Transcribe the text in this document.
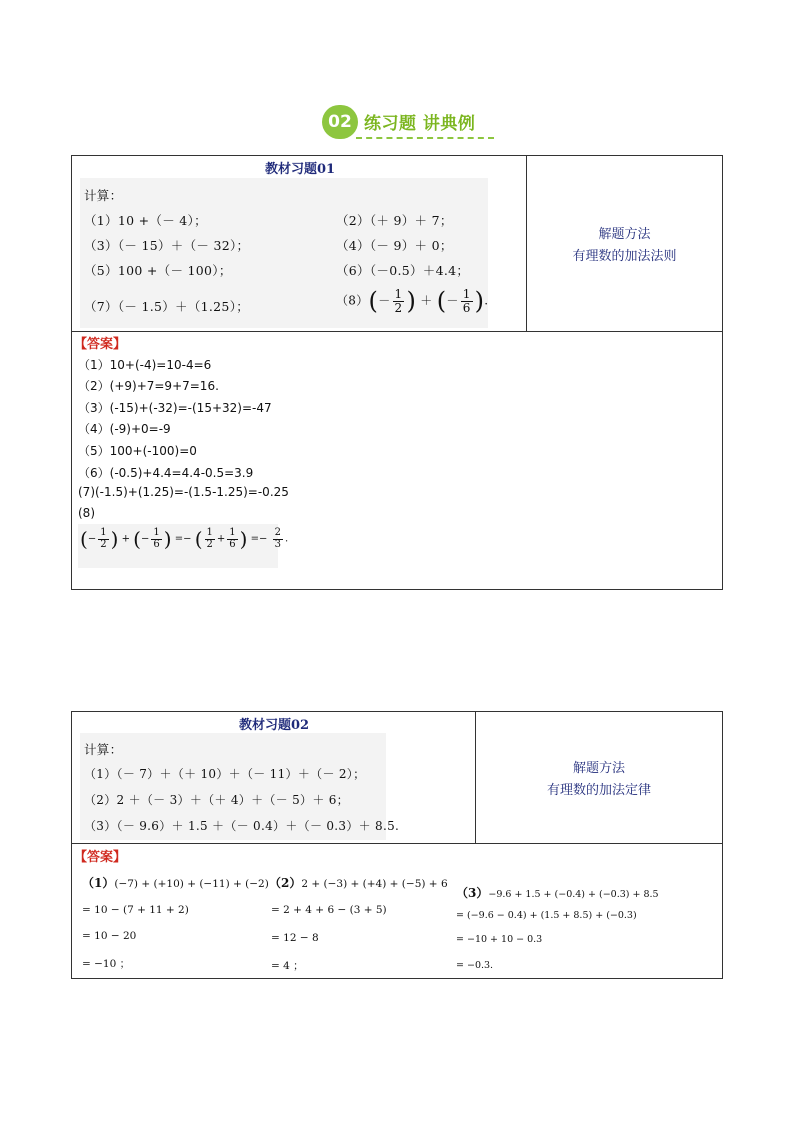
02 练习题 讲典例
教材习题01
计算：
（1）10 +（－ 4）；	（2）（＋ 9）＋ 7；
（3）（－ 15）＋（－ 32）；	（4）（－ 9）＋ 0；
（5）100 +（－ 100）；	（6）（－0.5）＋4.4；
（7）（－ 1.5）＋（1.25）；	$(8)(- \frac{1}{2}$ ) ＋ (－ $\frac{1}{6}$ ).
解题方法
有理数的加法法则
【答案】
（1）10+(-4)=10-4=6
（2）(+9)+7=9+7=16.
（3）(-15)+(-32)=-(15+32)=-47
（4）(-9)+0=-9
（5）100+(-100)=0
（6）(-0.5)+4.4=4.4-0.5=3.9
(7)(-1.5)+(1.25)=-(1.5-1.25)=-0.25
(8)
(− $\frac{1}{2}$ ) + (− $\frac{1}{6}$ ) =− ( $\frac{1}{2} + \frac{1}{6}$ ) =− $\frac{2}{3}$ .
教材习题02
计算：
（1）（－ 7）＋（＋ 10）＋（－ 11）＋（－ 2）；
（2）2 ＋（－ 3）＋（＋ 4）＋（－ 5）＋ 6；
（3）（－ 9.6）＋ 1.5 ＋（－ 0.4）＋（－ 0.3）＋ 8.5.
解题方法
有理数的加法定律
【答案】
（1）(−7) + (+10) + (−11) + (−2)
= 10 − (7 + 11 + 2)
= 10 − 20
= −10 ；
（2）2 + (−3) + (+4) + (−5) + 6
= 2 + 4 + 6 − (3 + 5)
= 12 − 8
= 4 ；
（3）−9.6 + 1.5 + (−0.4) + (−0.3) + 8.5
= (−9.6 − 0.4) + (1.5 + 8.5) + (−0.3)
= −10 + 10 − 0.3
= −0.3.
